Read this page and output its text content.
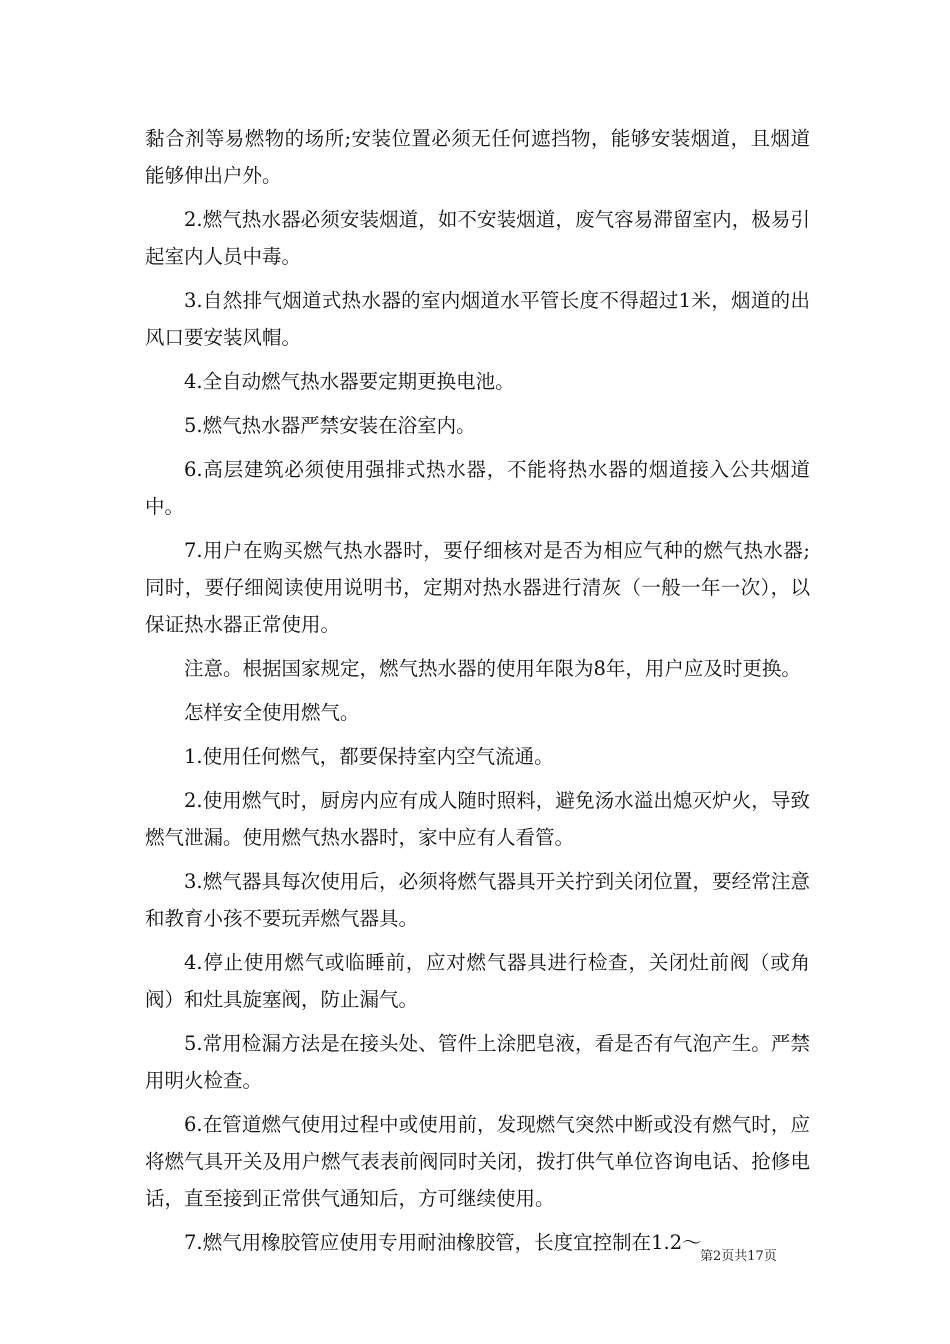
黏合剂等易燃物的场所;安装位置必须无任何遮挡物，能够安装烟道，且烟道能够伸出户外。

2.燃气热水器必须安装烟道，如不安装烟道，废气容易滞留室内，极易引起室内人员中毒。

3.自然排气烟道式热水器的室内烟道水平管长度不得超过1米，烟道的出风口要安装风帽。

4.全自动燃气热水器要定期更换电池。

5.燃气热水器严禁安装在浴室内。

6.高层建筑必须使用强排式热水器，不能将热水器的烟道接入公共烟道中。

7.用户在购买燃气热水器时，要仔细核对是否为相应气种的燃气热水器;同时，要仔细阅读使用说明书，定期对热水器进行清灰（一般一年一次），以保证热水器正常使用。

注意。根据国家规定，燃气热水器的使用年限为8年，用户应及时更换。

怎样安全使用燃气。

1.使用任何燃气，都要保持室内空气流通。

2.使用燃气时，厨房内应有成人随时照料，避免汤水溢出熄灭炉火，导致燃气泄漏。使用燃气热水器时，家中应有人看管。

3.燃气器具每次使用后，必须将燃气器具开关拧到关闭位置，要经常注意和教育小孩不要玩弄燃气器具。

4.停止使用燃气或临睡前，应对燃气器具进行检查，关闭灶前阀（或角阀）和灶具旋塞阀，防止漏气。

5.常用检漏方法是在接头处、管件上涂肥皂液，看是否有气泡产生。严禁用明火检查。

6.在管道燃气使用过程中或使用前，发现燃气突然中断或没有燃气时，应将燃气具开关及用户燃气表表前阀同时关闭，拨打供气单位咨询电话、抢修电话，直至接到正常供气通知后，方可继续使用。

7.燃气用橡胶管应使用专用耐油橡胶管，长度宜控制在1.2～

第2页共17页
